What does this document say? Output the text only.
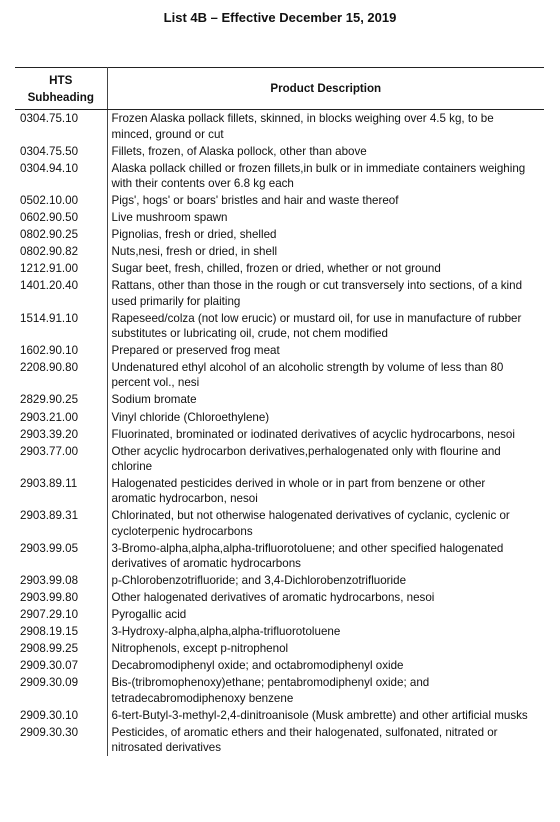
List 4B – Effective December 15, 2019
HTS
Subheading	Product Description
0304.75.10	Frozen Alaska pollack fillets, skinned, in blocks weighing over 4.5 kg, to be minced, ground or cut
0304.75.50	Fillets, frozen, of Alaska pollock, other than above
0304.94.10	Alaska pollack chilled or frozen fillets,in bulk or in immediate containers weighing with their contents over 6.8 kg each
0502.10.00	Pigs', hogs' or boars' bristles and hair and waste thereof
0602.90.50	Live mushroom spawn
0802.90.25	Pignolias, fresh or dried, shelled
0802.90.82	Nuts,nesi, fresh or dried, in shell
1212.91.00	Sugar beet, fresh, chilled, frozen or dried, whether or not ground
1401.20.40	Rattans, other than those in the rough or cut transversely into sections, of a kind used primarily for plaiting
1514.91.10	Rapeseed/colza (not low erucic) or mustard oil, for use in manufacture of rubber substitutes or lubricating oil, crude, not chem modified
1602.90.10	Prepared or preserved frog meat
2208.90.80	Undenatured ethyl alcohol of an alcoholic strength by volume of less than 80 percent vol., nesi
2829.90.25	Sodium bromate
2903.21.00	Vinyl chloride (Chloroethylene)
2903.39.20	Fluorinated, brominated or iodinated derivatives of acyclic hydrocarbons, nesoi
2903.77.00	Other acyclic hydrocarbon derivatives,perhalogenated only with flourine and chlorine
2903.89.11	Halogenated pesticides derived in whole or in part from benzene or other aromatic hydrocarbon, nesoi
2903.89.31	Chlorinated, but not otherwise halogenated derivatives of cyclanic, cyclenic or cycloterpenic hydrocarbons
2903.99.05	3-Bromo-alpha,alpha,alpha-trifluorotoluene; and other specified halogenated derivatives of aromatic hydrocarbons
2903.99.08	p-Chlorobenzotrifluoride; and 3,4-Dichlorobenzotrifluoride
2903.99.80	Other halogenated derivatives of aromatic hydrocarbons, nesoi
2907.29.10	Pyrogallic acid
2908.19.15	3-Hydroxy-alpha,alpha,alpha-trifluorotoluene
2908.99.25	Nitrophenols, except p-nitrophenol
2909.30.07	Decabromodiphenyl oxide; and octabromodiphenyl oxide
2909.30.09	Bis-(tribromophenoxy)ethane; pentabromodiphenyl oxide; and tetradecabromodiphenoxy benzene
2909.30.10	6-tert-Butyl-3-methyl-2,4-dinitroanisole (Musk ambrette) and other artificial musks
2909.30.30	Pesticides, of aromatic ethers and their halogenated, sulfonated, nitrated or nitrosated derivatives
